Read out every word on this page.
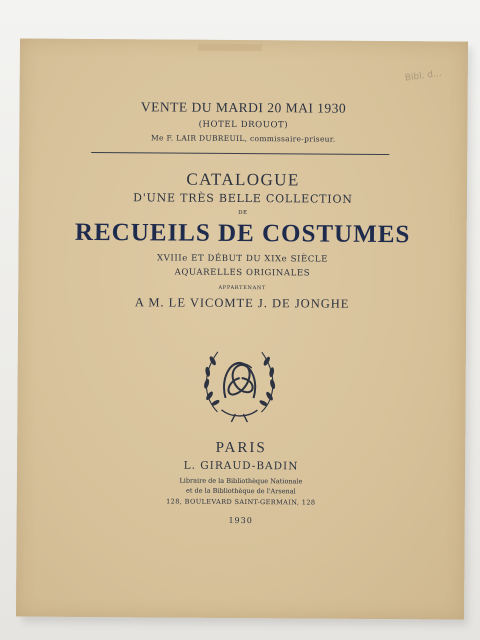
Bibl. d...
VENTE DU MARDI 20 MAI 1930
(HOTEL DROUOT)
Me F. LAIR DUBREUIL, commissaire-priseur.
CATALOGUE
D'UNE TRÈS BELLE COLLECTION
DE
RECUEILS DE COSTUMES
XVIIIe ET DÉBUT DU XIXe SIÈCLE
AQUARELLES ORIGINALES
APPARTENANT
A M. LE VICOMTE J. DE JONGHE
PARIS
L. GIRAUD-BADIN
Libraire de la Bibliothèque Nationale
et de la Bibliothèque de l'Arsenal
128, BOULEVARD SAINT-GERMAIN, 128
1930
